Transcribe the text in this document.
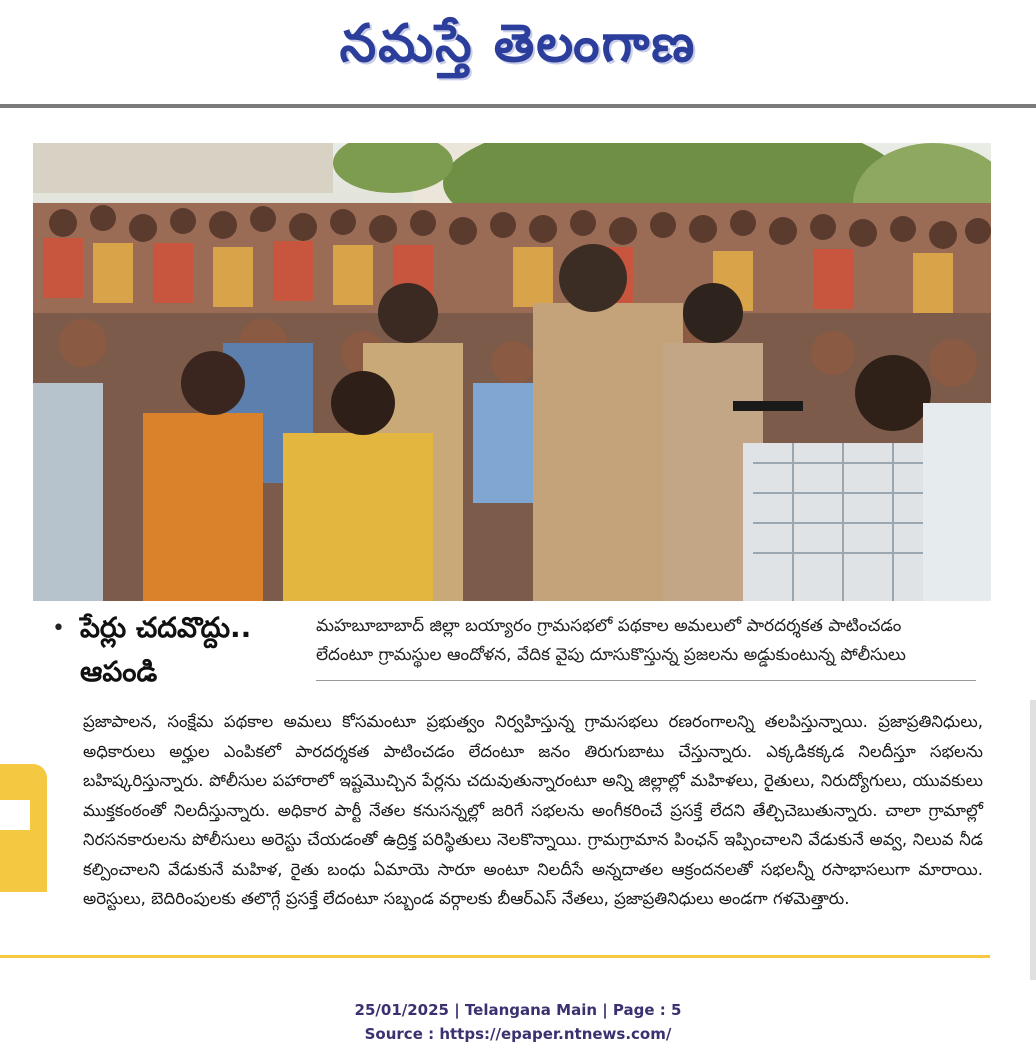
నమస్తే తెలంగాణ
• పేర్లు చదవొద్దు..
ఆపండి
మహబూబాబాద్ జిల్లా బయ్యారం గ్రామసభలో పథకాల అమలులో పారదర్శకత పాటించడం
లేదంటూ గ్రామస్థుల ఆందోళన, వేదిక వైపు దూసుకొస్తున్న ప్రజలను అడ్డుకుంటున్న పోలీసులు

ప్రజాపాలన, సంక్షేమ పథకాల అమలు కోసమంటూ ప్రభుత్వం నిర్వహిస్తున్న గ్రామసభలు రణరంగాలన్ని తలపిస్తున్నాయి. ప్రజాప్రతినిధులు, అధికారులు అర్హుల ఎంపికలో పారదర్శకత పాటించడం లేదంటూ జనం తిరుగుబాటు చేస్తున్నారు. ఎక్కడికక్కడ నిలదీస్తూ సభలను బహిష్కరిస్తున్నారు. పోలీసుల పహారాలో ఇష్టమొచ్చిన పేర్లను చదువుతున్నారంటూ అన్ని జిల్లాల్లో మహిళలు, రైతులు, నిరుద్యోగులు, యువకులు ముక్తకంఠంతో నిలదీస్తున్నారు. అధికార పార్టీ నేతల కనుసన్నల్లో జరిగే సభలను అంగీకరించే ప్రసక్తే లేదని తేల్చిచెబుతున్నారు. చాలా గ్రామాల్లో నిరసనకారులను పోలీసులు అరెస్టు చేయడంతో ఉద్రిక్త పరిస్థితులు నెలకొన్నాయి. గ్రామగ్రామాన పింఛన్ ఇప్పించాలని వేడుకునే అవ్వ, నిలువ నీడ కల్పించాలని వేడుకునే మహిళ, రైతు బంధు ఏమాయె సారూ అంటూ నిలదీసే అన్నదాతల ఆక్రందనలతో సభలన్నీ రసాభాసలుగా మారాయి. అరెస్టులు, బెదిరింపులకు తలొగ్గే ప్రసక్తే లేదంటూ సబ్బండ వర్గాలకు బీఆర్ఎస్ నేతలు, ప్రజాప్రతినిధులు అండగా గళమెత్తారు.

25/01/2025 | Telangana Main | Page : 5
Source : https://epaper.ntnews.com/
